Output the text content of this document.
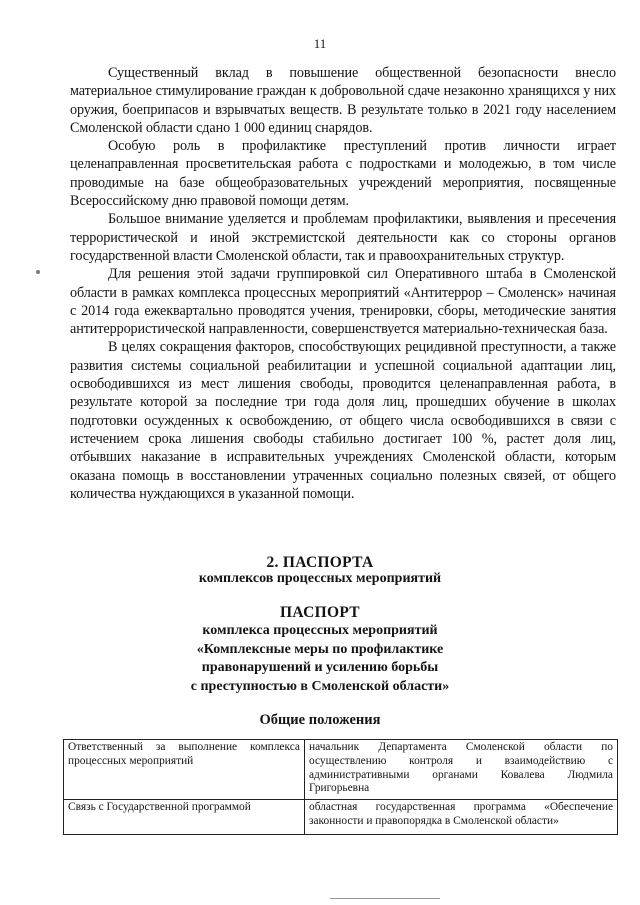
11

Существенный вклад в повышение общественной безопасности внесло материальное стимулирование граждан к добровольной сдаче незаконно хранящихся у них оружия, боеприпасов и взрывчатых веществ. В результате только в 2021 году населением Смоленской области сдано 1 000 единиц снарядов.

Особую роль в профилактике преступлений против личности играет целенаправленная просветительская работа с подростками и молодежью, в том числе проводимые на базе общеобразовательных учреждений мероприятия, посвященные Всероссийскому дню правовой помощи детям.

Большое внимание уделяется и проблемам профилактики, выявления и пресечения террористической и иной экстремистской деятельности как со стороны органов государственной власти Смоленской области, так и правоохранительных структур.

Для решения этой задачи группировкой сил Оперативного штаба в Смоленской области в рамках комплекса процессных мероприятий «Антитеррор – Смоленск» начиная с 2014 года ежеквартально проводятся учения, тренировки, сборы, методические занятия антитеррористической направленности, совершенствуется материально-техническая база.

В целях сокращения факторов, способствующих рецидивной преступности, а также развития системы социальной реабилитации и успешной социальной адаптации лиц, освободившихся из мест лишения свободы, проводится целенаправленная работа, в результате которой за последние три года доля лиц, прошедших обучение в школах подготовки осужденных к освобождению, от общего числа освободившихся в связи с истечением срока лишения свободы стабильно достигает 100 %, растет доля лиц, отбывших наказание в исправительных учреждениях Смоленской области, которым оказана помощь в восстановлении утраченных социально полезных связей, от общего количества нуждающихся в указанной помощи.

2. ПАСПОРТА
комплексов процессных мероприятий
ПАСПОРТ
комплекса процессных мероприятий
«Комплексные меры по профилактике
правонарушений и усилению борьбы
с преступностью в Смоленской области»
Общие положения
Ответственный за выполнение комплекса процессных мероприятий	начальник Департамента Смоленской области по осуществлению контроля и взаимодействию с административными органами Ковалева Людмила Григорьевна
Связь с Государственной программой	областная государственная программа «Обеспечение законности и правопорядка в Смоленской области»
